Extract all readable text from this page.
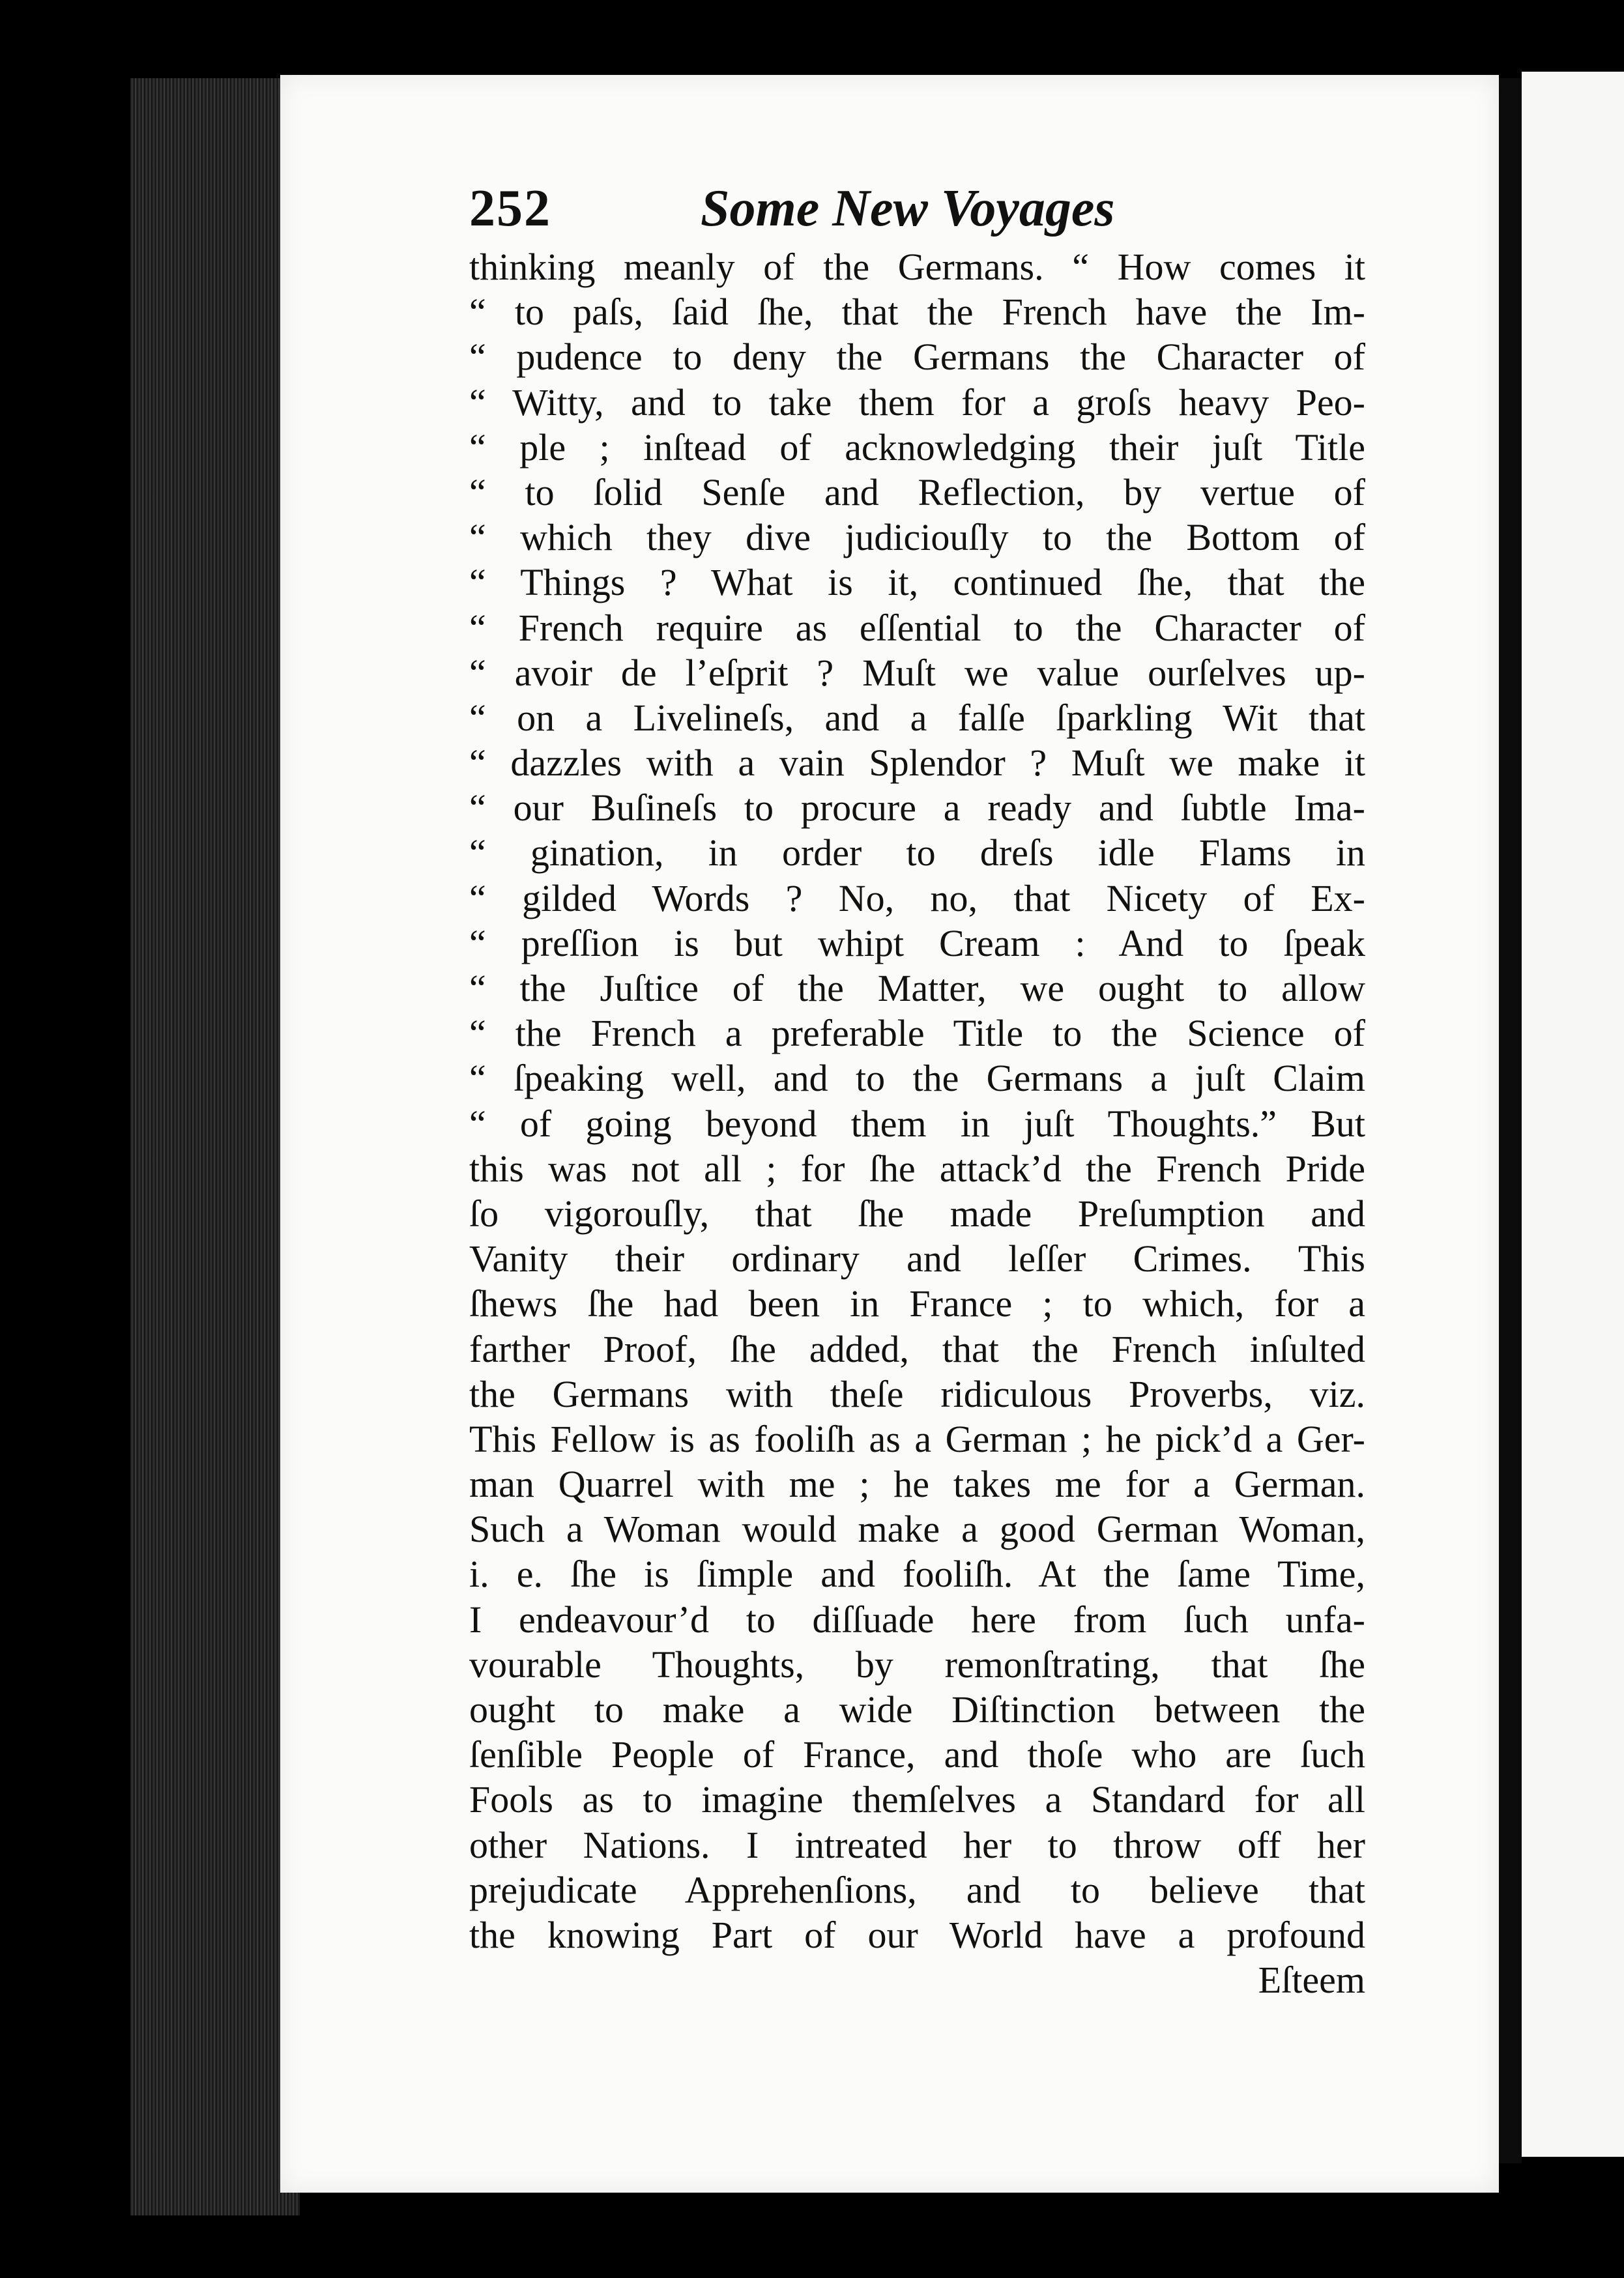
252	Some New Voyages
thinking meanly of the Germans. “ How comes it
“ to paſs, ſaid ſhe, that the French have the Im-
“ pudence to deny the Germans the Character of
“ Witty, and to take them for a groſs heavy Peo-
“ ple ; inſtead of acknowledging their juſt Title
“ to ſolid Senſe and Reflection, by vertue of
“ which they dive judiciouſly to the Bottom of
“ Things ? What is it, continued ſhe, that the
“ French require as eſſential to the Character of
“ avoir de l’eſprit ? Muſt we value ourſelves up-
“ on a Livelineſs, and a falſe ſparkling Wit that
“ dazzles with a vain Splendor ? Muſt we make it
“ our Buſineſs to procure a ready and ſubtle Ima-
“ gination, in order to dreſs idle Flams in
“ gilded Words ? No, no, that Nicety of Ex-
“ preſſion is but whipt Cream : And to ſpeak
“ the Juſtice of the Matter, we ought to allow
“ the French a preferable Title to the Science of
“ ſpeaking well, and to the Germans a juſt Claim
“ of going beyond them in juſt Thoughts.” But
this was not all ; for ſhe attack’d the French Pride
ſo vigorouſly, that ſhe made Preſumption and
Vanity their ordinary and leſſer Crimes. This
ſhews ſhe had been in France ; to which, for a
farther Proof, ſhe added, that the French inſulted
the Germans with theſe ridiculous Proverbs, viz.
This Fellow is as fooliſh as a German ; he pick’d a Ger-
man Quarrel with me ; he takes me for a German.
Such a Woman would make a good German Woman,
i. e. ſhe is ſimple and fooliſh. At the ſame Time,
I endeavour’d to diſſuade here from ſuch unfa-
vourable Thoughts, by remonſtrating, that ſhe
ought to make a wide Diſtinction between the
ſenſible People of France, and thoſe who are ſuch
Fools as to imagine themſelves a Standard for all
other Nations. I intreated her to throw off her
prejudicate Apprehenſions, and to believe that
the knowing Part of our World have a profound
Eſteem
